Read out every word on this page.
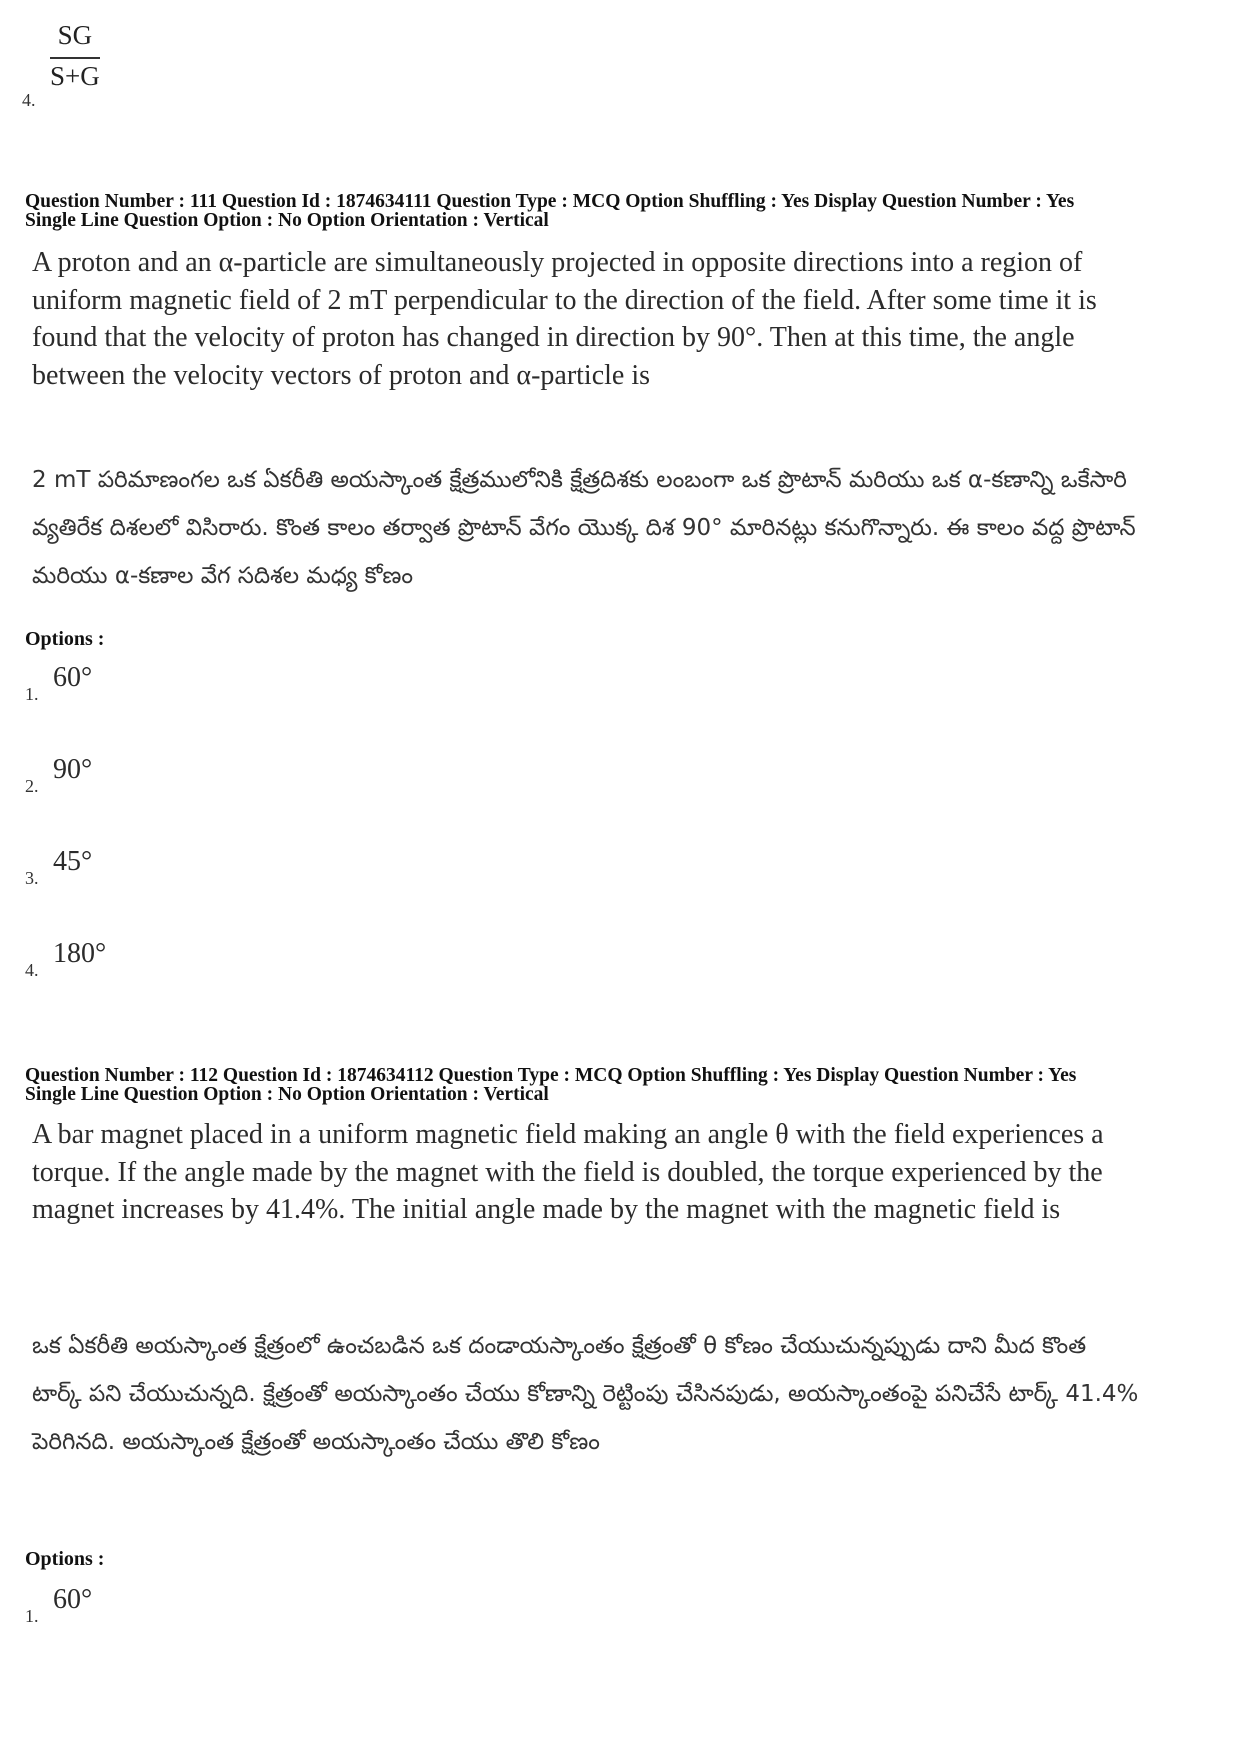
4.
$\frac{SG}{S+G}$
Question Number : 111 Question Id : 1874634111 Question Type : MCQ Option Shuffling : Yes Display Question Number : Yes
Single Line Question Option : No Option Orientation : Vertical
A proton and an α-particle are simultaneously projected in opposite directions into a region of uniform magnetic field of 2 mT perpendicular to the direction of the field. After some time it is found that the velocity of proton has changed in direction by 90°. Then at this time, the angle between the velocity vectors of proton and α-particle is
2 mT పరిమాణంగల ఒక ఏకరీతి అయస్కాంత క్షేత్రములోనికి క్షేత్రదిశకు లంబంగా ఒక ప్రొటాన్ మరియు ఒక α-కణాన్ని ఒకేసారి వ్యతిరేక దిశలలో విసిరారు. కొంత కాలం తర్వాత ప్రొటాన్ వేగం యొక్క దిశ 90° మారినట్లు కనుగొన్నారు. ఈ కాలం వద్ద ప్రొటాన్ మరియు α-కణాల వేగ సదిశల మధ్య కోణం
Options :
1.
60°
2.
90°
3.
45°
4.
180°
Question Number : 112 Question Id : 1874634112 Question Type : MCQ Option Shuffling : Yes Display Question Number : Yes
Single Line Question Option : No Option Orientation : Vertical
A bar magnet placed in a uniform magnetic field making an angle θ with the field experiences a torque. If the angle made by the magnet with the field is doubled, the torque experienced by the magnet increases by 41.4%. The initial angle made by the magnet with the magnetic field is
ఒక ఏకరీతి అయస్కాంత క్షేత్రంలో ఉంచబడిన ఒక దండాయస్కాంతం క్షేత్రంతో θ కోణం చేయుచున్నప్పుడు దాని మీద కొంత టార్క్ పని చేయుచున్నది. క్షేత్రంతో అయస్కాంతం చేయు కోణాన్ని రెట్టింపు చేసినపుడు, అయస్కాంతంపై పనిచేసే టార్క్ 41.4% పెరిగినది. అయస్కాంత క్షేత్రంతో అయస్కాంతం చేయు తొలి కోణం
Options :
1.
60°
